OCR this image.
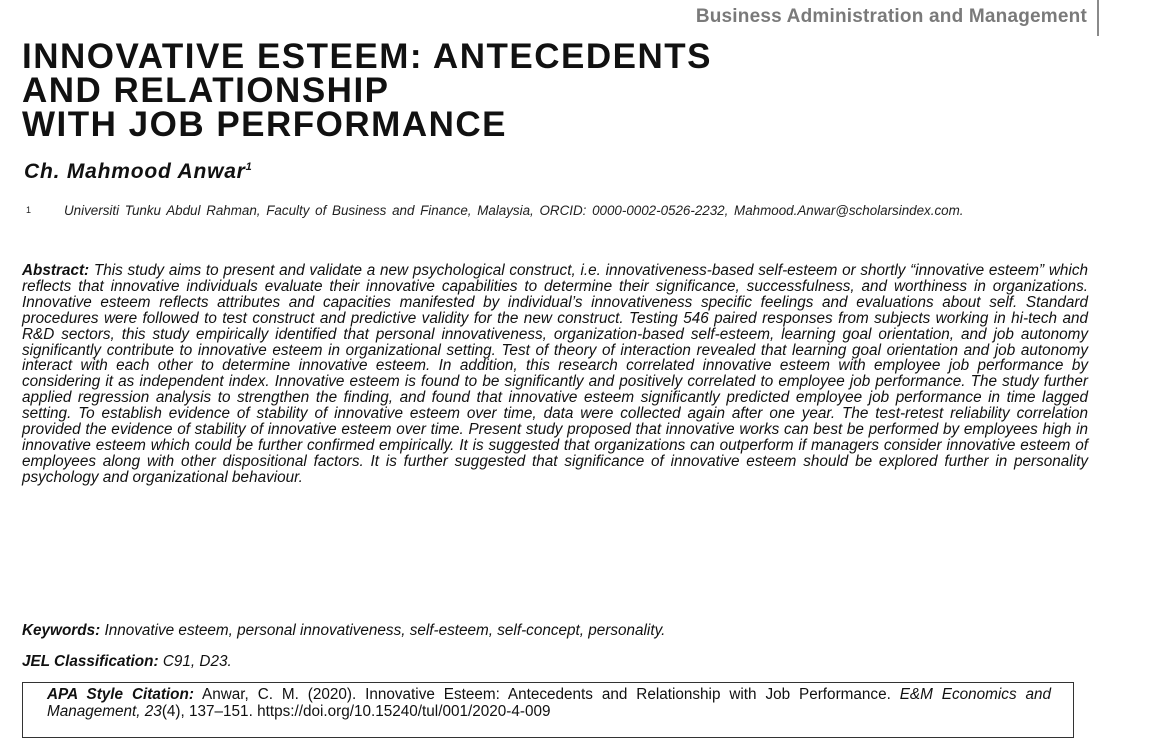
Business Administration and Management
INNOVATIVE ESTEEM: ANTECEDENTS
AND RELATIONSHIP
WITH JOB PERFORMANCE
Ch. Mahmood Anwar$^1$
1 Universiti Tunku Abdul Rahman, Faculty of Business and Finance, Malaysia, ORCID: 0000-0002-0526-2232, Mahmood.Anwar@scholarsindex.com.
Abstract: This study aims to present and validate a new psychological construct, i.e. innovativeness-based self-esteem or shortly “innovative esteem” which reflects that innovative individuals evaluate their innovative capabilities to determine their significance, successfulness, and worthiness in organizations. Innovative esteem reflects attributes and capacities manifested by individual’s innovativeness specific feelings and evaluations about self. Standard procedures were followed to test construct and predictive validity for the new construct. Testing 546 paired responses from subjects working in hi-tech and R&D sectors, this study empirically identified that personal innovativeness, organization-based self-esteem, learning goal orientation, and job autonomy significantly contribute to innovative esteem in organizational setting. Test of theory of interaction revealed that learning goal orientation and job autonomy interact with each other to determine innovative esteem. In addition, this research correlated innovative esteem with employee job performance by considering it as independent index. Innovative esteem is found to be significantly and positively correlated to employee job performance. The study further applied regression analysis to strengthen the finding, and found that innovative esteem significantly predicted employee job performance in time lagged setting. To establish evidence of stability of innovative esteem over time, data were collected again after one year. The test-retest reliability correlation provided the evidence of stability of innovative esteem over time. Present study proposed that innovative works can best be performed by employees high in innovative esteem which could be further confirmed empirically. It is suggested that organizations can outperform if managers consider innovative esteem of employees along with other dispositional factors. It is further suggested that significance of innovative esteem should be explored further in personality psychology and organizational behaviour.
Keywords: Innovative esteem, personal innovativeness, self-esteem, self-concept, personality.
JEL Classification: C91, D23.
APA Style Citation: Anwar, C. M. (2020). Innovative Esteem: Antecedents and Relationship with Job Performance. E&M Economics and Management, 23(4), 137–151. https://doi.org/10.15240/tul/001/2020-4-009
